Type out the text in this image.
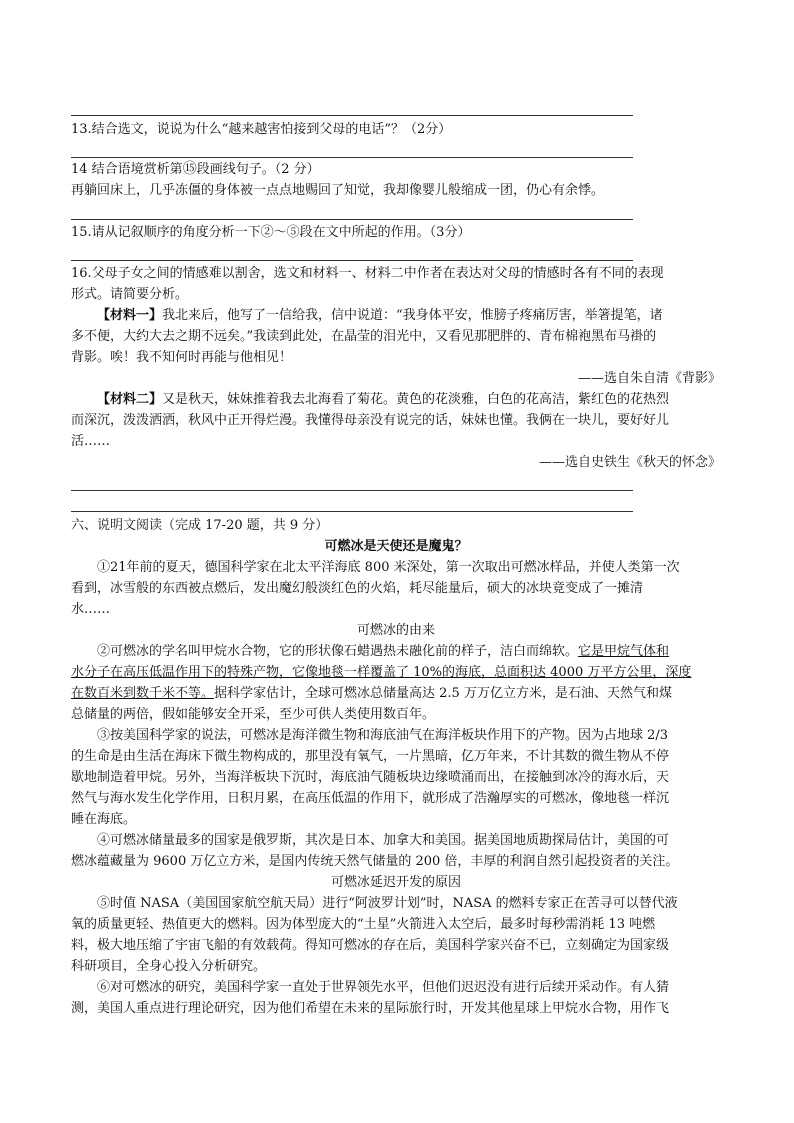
13.结合选文，说说为什么“越来越害怕接到父母的电话”？（2分）

14 结合语境赏析第⑮段画线句子。（2 分）

再躺回床上，几乎冻僵的身体被一点点地赐回了知觉，我却像婴儿般缩成一团，仍心有余悸。

15.请从记叙顺序的角度分析一下②～⑤段在文中所起的作用。（3分）

16.父母子女之间的情感难以割舍，选文和材料一、材料二中作者在表达对父母的情感时各有不同的表现

形式。请简要分析。

【材料一】我北来后，他写了一信给我，信中说道：“我身体平安，惟膀子疼痛厉害，举箸提笔，诸

多不便，大约大去之期不远矣。”我读到此处，在晶莹的泪光中，又看见那肥胖的、青布棉袍黑布马褂的

背影。唉！我不知何时再能与他相见！

——选自朱自清《背影》

【材料二】又是秋天，妹妹推着我去北海看了菊花。黄色的花淡雅，白色的花高洁，紫红色的花热烈

而深沉，泼泼洒洒，秋风中正开得烂漫。我懂得母亲没有说完的话，妹妹也懂。我俩在一块儿，要好好儿

活……

——选自史铁生《秋天的怀念》

六、说明文阅读（完成 17-20 题，共 9 分）

可燃冰是天使还是魔鬼？

①21年前的夏天，德国科学家在北太平洋海底 800 米深处，第一次取出可燃冰样品，并使人类第一次

看到，冰雪般的东西被点燃后，发出魔幻般淡红色的火焰，耗尽能量后，硕大的冰块竟变成了一摊清

水……

可燃冰的由来

②可燃冰的学名叫甲烷水合物，它的形状像石蜡遇热未融化前的样子，洁白而绵软。它是甲烷气体和

水分子在高压低温作用下的特殊产物，它像地毯一样覆盖了 10%的海底，总面积达 4000 万平方公里，深度

在数百米到数千米不等。据科学家估计，全球可燃冰总储量高达 2.5 万万亿立方米，是石油、天然气和煤

总储量的两倍，假如能够安全开采，至少可供人类使用数百年。

③按美国科学家的说法，可燃冰是海洋微生物和海底油气在海洋板块作用下的产物。因为占地球 2/3

的生命是由生活在海床下微生物构成的，那里没有氧气，一片黑暗，亿万年来，不计其数的微生物从不停

歇地制造着甲烷。另外，当海洋板块下沉时，海底油气随板块边缘喷涌而出，在接触到冰冷的海水后，天

然气与海水发生化学作用，日积月累，在高压低温的作用下，就形成了浩瀚厚实的可燃冰，像地毯一样沉

睡在海底。

④可燃冰储量最多的国家是俄罗斯，其次是日本、加拿大和美国。据美国地质勘探局估计，美国的可

燃冰蕴藏量为 9600 万亿立方米，是国内传统天然气储量的 200 倍，丰厚的利润自然引起投资者的关注。

可燃冰延迟开发的原因

⑤时值 NASA（美国国家航空航天局）进行“阿波罗计划”时，NASA 的燃料专家正在苦寻可以替代液

氧的质量更轻、热值更大的燃料。因为体型庞大的“土星”火箭进入太空后，最多时每秒需消耗 13 吨燃

料，极大地压缩了宇宙飞船的有效载荷。得知可燃冰的存在后，美国科学家兴奋不已，立刻确定为国家级

科研项目，全身心投入分析研究。

⑥对可燃冰的研究，美国科学家一直处于世界领先水平，但他们迟迟没有进行后续开采动作。有人猜

测，美国人重点进行理论研究，因为他们希望在未来的星际旅行时，开发其他星球上甲烷水合物，用作飞
